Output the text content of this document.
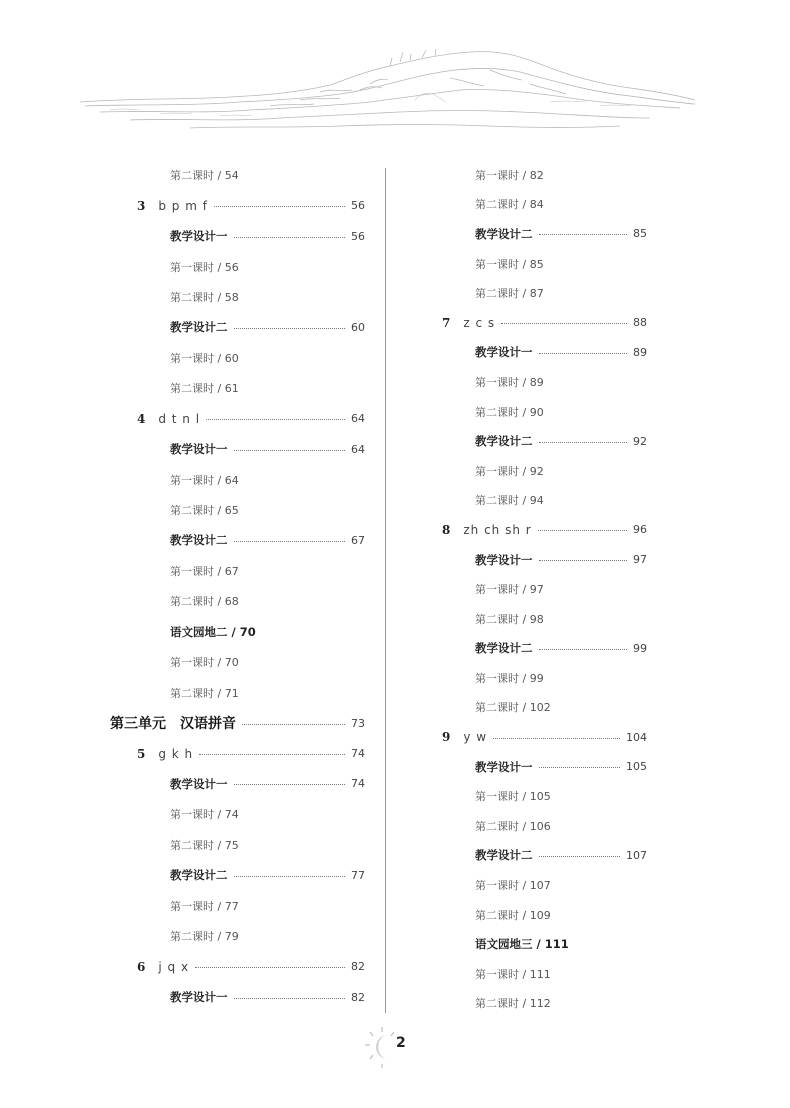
第二课时 / 54
3 b p m f	56
教学设计一	56
第一课时 / 56
第二课时 / 58
教学设计二	60
第一课时 / 60
第二课时 / 61
4 d t n l	64
教学设计一	64
第一课时 / 64
第二课时 / 65
教学设计二	67
第一课时 / 67
第二课时 / 68
语文园地二 / 70
第一课时 / 70
第二课时 / 71
第三单元　汉语拼音	73
5 g k h	74
教学设计一	74
第一课时 / 74
第二课时 / 75
教学设计二	77
第一课时 / 77
第二课时 / 79
6 j q x	82
教学设计一	82
第一课时 / 82
第二课时 / 84
教学设计二	85
第一课时 / 85
第二课时 / 87
7 z c s	88
教学设计一	89
第一课时 / 89
第二课时 / 90
教学设计二	92
第一课时 / 92
第二课时 / 94
8 zh ch sh r	96
教学设计一	97
第一课时 / 97
第二课时 / 98
教学设计二	99
第一课时 / 99
第二课时 / 102
9 y w	104
教学设计一	105
第一课时 / 105
第二课时 / 106
教学设计二	107
第一课时 / 107
第二课时 / 109
语文园地三 / 111
第一课时 / 111
第二课时 / 112
2
